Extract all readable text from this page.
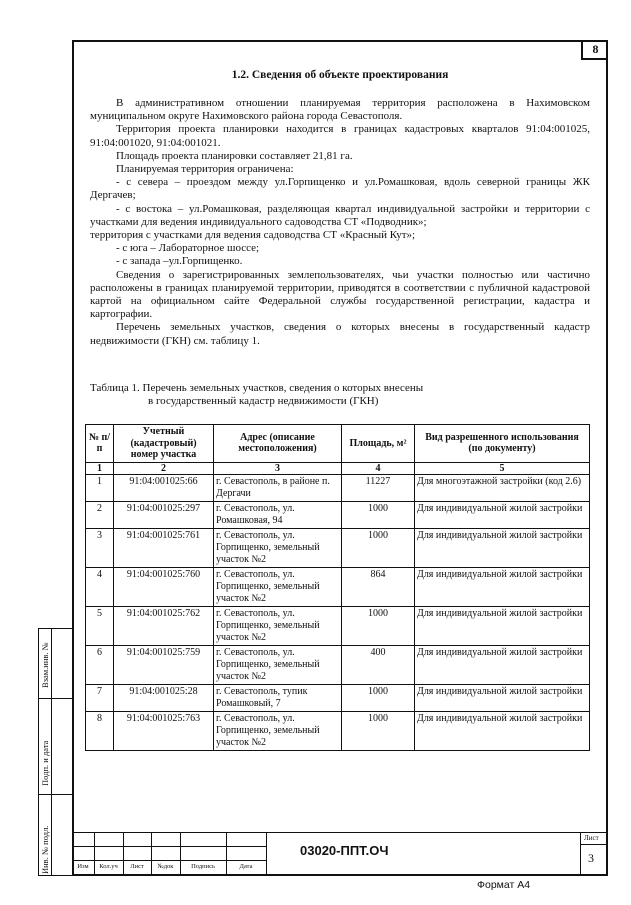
8
Инв. № подл.
Подп. и дата
Взам.инв. №
1.2. Сведения об объекте проектирования

В административном отношении планируемая территория расположена в Нахимовском муниципальном округе Нахимовского района города Севастополя.

Территория проекта планировки находится в границах кадастровых кварталов 91:04:001025, 91:04:001020, 91:04:001021.

Площадь проекта планировки составляет 21,81 га.

Планируемая территория ограничена:

- с севера – проездом между ул.Горпищенко и ул.Ромашковая, вдоль северной границы ЖК Дергачев;

- с востока – ул.Ромашковая, разделяющая квартал индивидуальной застройки и территории с участками для ведения индивидуального садоводства СТ «Подводник»;

территория с участками для ведения садоводства СТ «Красный Кут»;

- с юга – Лабораторное шоссе;

- с запада –ул.Горпищенко.

Сведения о зарегистрированных землепользователях, чьи участки полностью или частично расположены в границах планируемой территории, приводятся в соответствии с публичной кадастровой картой на официальном сайте Федеральной службы государственной регистрации, кадастра и картографии.

Перечень земельных участков, сведения о которых внесены в государственный кадастр недвижимости (ГКН) см. таблицу 1.

Таблица 1. Перечень земельных участков, сведения о которых внесены
в государственный кадастр недвижимости (ГКН)
№ п/п	Учетный (кадастровый) номер участка	Адрес (описание местоположения)	Площадь, м²	Вид разрешенного использования (по документу)
1	2	3	4	5
1	91:04:001025:66	г. Севастополь, в районе п. Дергачи	11227	Для многоэтажной застройки (код 2.6)
2	91:04:001025:297	г. Севастополь, ул. Ромашковая, 94	1000	Для индивидуальной жилой застройки
3	91:04:001025:761	г. Севастополь, ул. Горпищенко, земельный участок №2	1000	Для индивидуальной жилой застройки
4	91:04:001025:760	г. Севастополь, ул. Горпищенко, земельный участок №2	864	Для индивидуальной жилой застройки
5	91:04:001025:762	г. Севастополь, ул. Горпищенко, земельный участок №2	1000	Для индивидуальной жилой застройки
6	91:04:001025:759	г. Севастополь, ул. Горпищенко, земельный участок №2	400	Для индивидуальной жилой застройки
7	91:04:001025:28	г. Севастополь, тупик Ромашковый, 7	1000	Для индивидуальной жилой застройки
8	91:04:001025:763	г. Севастополь, ул. Горпищенко, земельный участок №2	1000	Для индивидуальной жилой застройки
Изм	Кол.уч	Лист	№док	Подпись	Дата
03020-ППТ.ОЧ
Лист
3
Формат А4
